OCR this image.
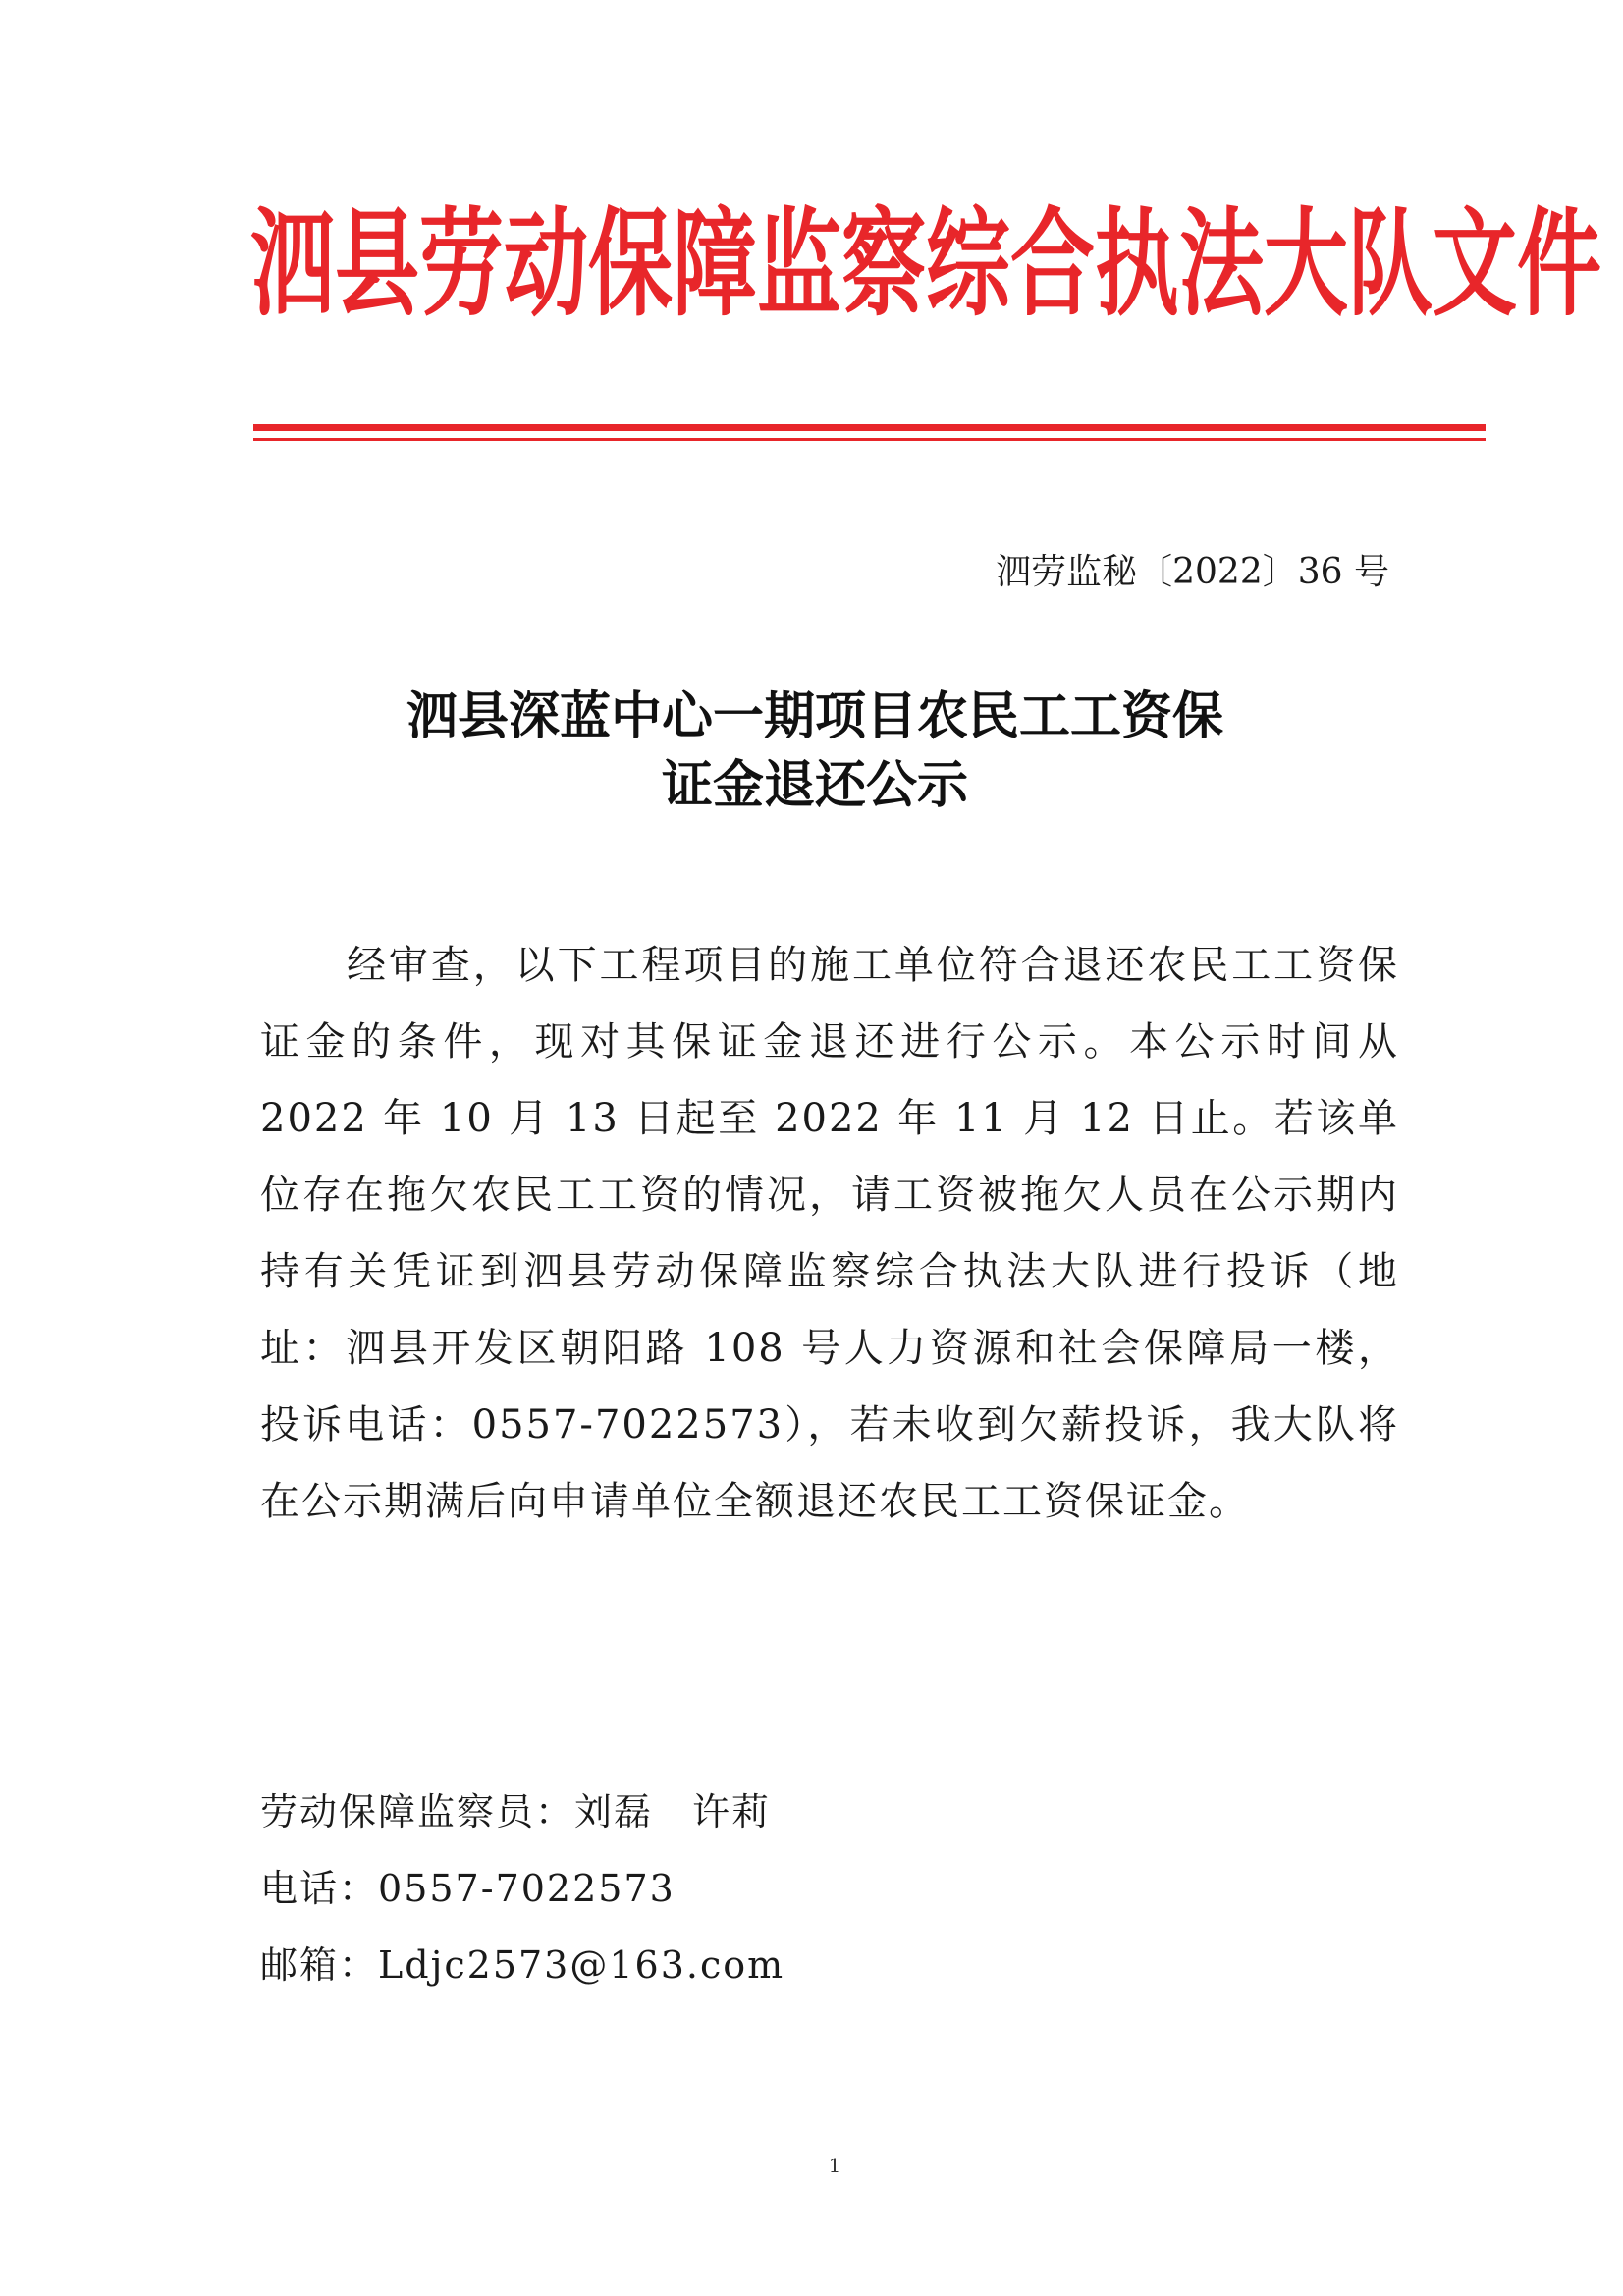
泗县劳动保障监察综合执法大队文件
泗劳监秘〔2022〕36 号
泗县深蓝中心一期项目农民工工资保
证金退还公示

经审查，以下工程项目的施工单位符合退还农民工工资保证金的条件，现对其保证金退还进行公示。本公示时间从 2022 年 10 月 13 日起至 2022 年 11 月 12 日止。若该单位存在拖欠农民工工资的情况，请工资被拖欠人员在公示期内持有关凭证到泗县劳动保障监察综合执法大队进行投诉（地址：泗县开发区朝阳路 108 号人力资源和社会保障局一楼，投诉电话：0557-7022573），若未收到欠薪投诉，我大队将在公示期满后向申请单位全额退还农民工工资保证金。

劳动保障监察员：刘磊 许莉
电话：0557-7022573
邮箱：Ldjc2573@163.com
1
